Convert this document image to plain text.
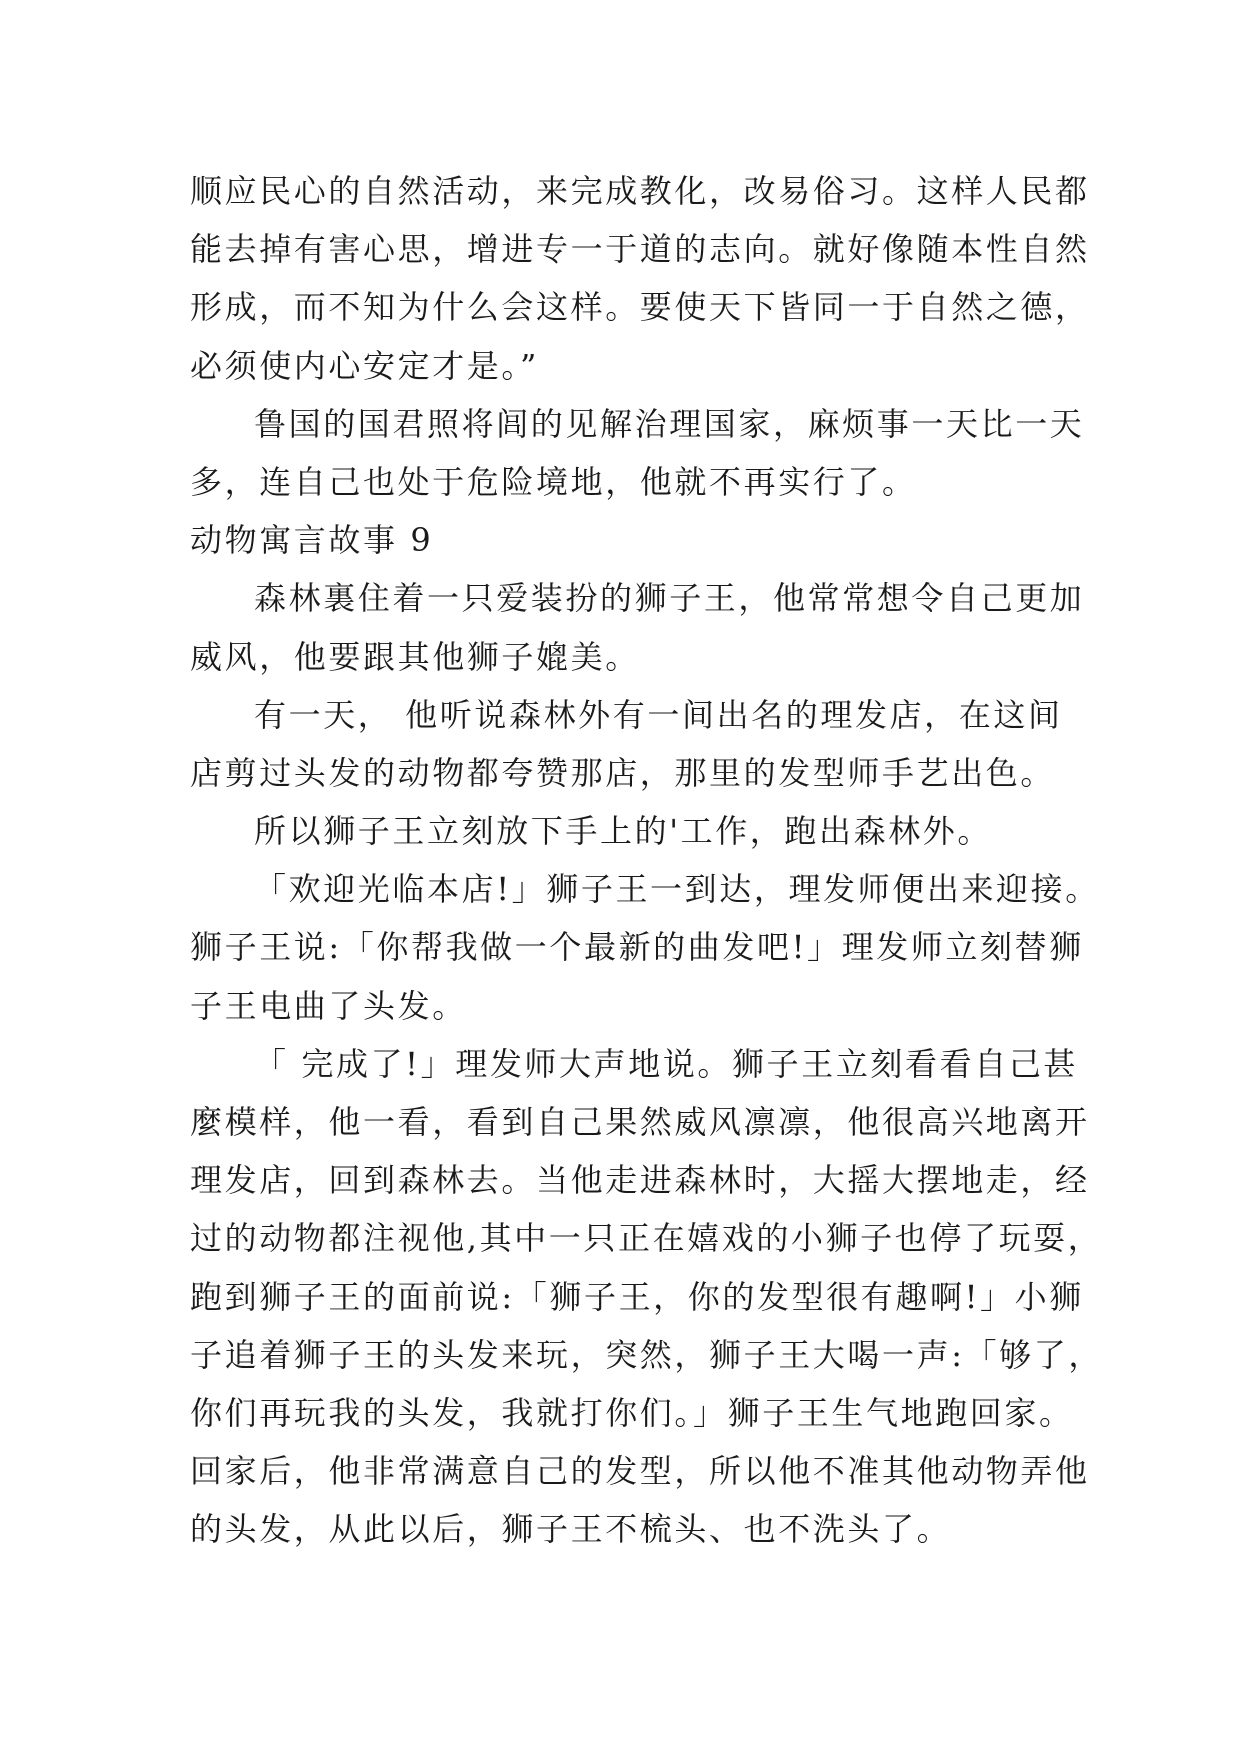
顺应民心的自然活动，来完成教化，改易俗习。这样人民都
能去掉有害心思，增进专一于道的志向。就好像随本性自然
形成，而不知为什么会这样。要使天下皆同一于自然之德，
必须使内心安定才是。”
鲁国的国君照将闾的见解治理国家，麻烦事一天比一天
多，连自己也处于危险境地，他就不再实行了。
动物寓言故事 9
森林裏住着一只爱装扮的狮子王，他常常想令自己更加
威风，他要跟其他狮子媲美。
有一天， 他听说森林外有一间出名的理发店，在这间
店剪过头发的动物都夸赞那店，那里的发型师手艺出色。
所以狮子王立刻放下手上的'工作，跑出森林外。
「欢迎光临本店!」狮子王一到达，理发师便出来迎接。
狮子王说:「你帮我做一个最新的曲发吧!」理发师立刻替狮
子王电曲了头发。
「 完成了!」理发师大声地说。狮子王立刻看看自己甚
麼模样，他一看，看到自己果然威风凛凛，他很高兴地离开
理发店，回到森林去。当他走进森林时，大摇大摆地走，经
过的动物都注视他,其中一只正在嬉戏的小狮子也停了玩耍，
跑到狮子王的面前说:「狮子王，你的发型很有趣啊!」小狮
子追着狮子王的头发来玩，突然，狮子王大喝一声:「够了，
你们再玩我的头发，我就打你们。」狮子王生气地跑回家。
回家后，他非常满意自己的发型，所以他不准其他动物弄他
的头发，从此以后，狮子王不梳头、也不洗头了。
